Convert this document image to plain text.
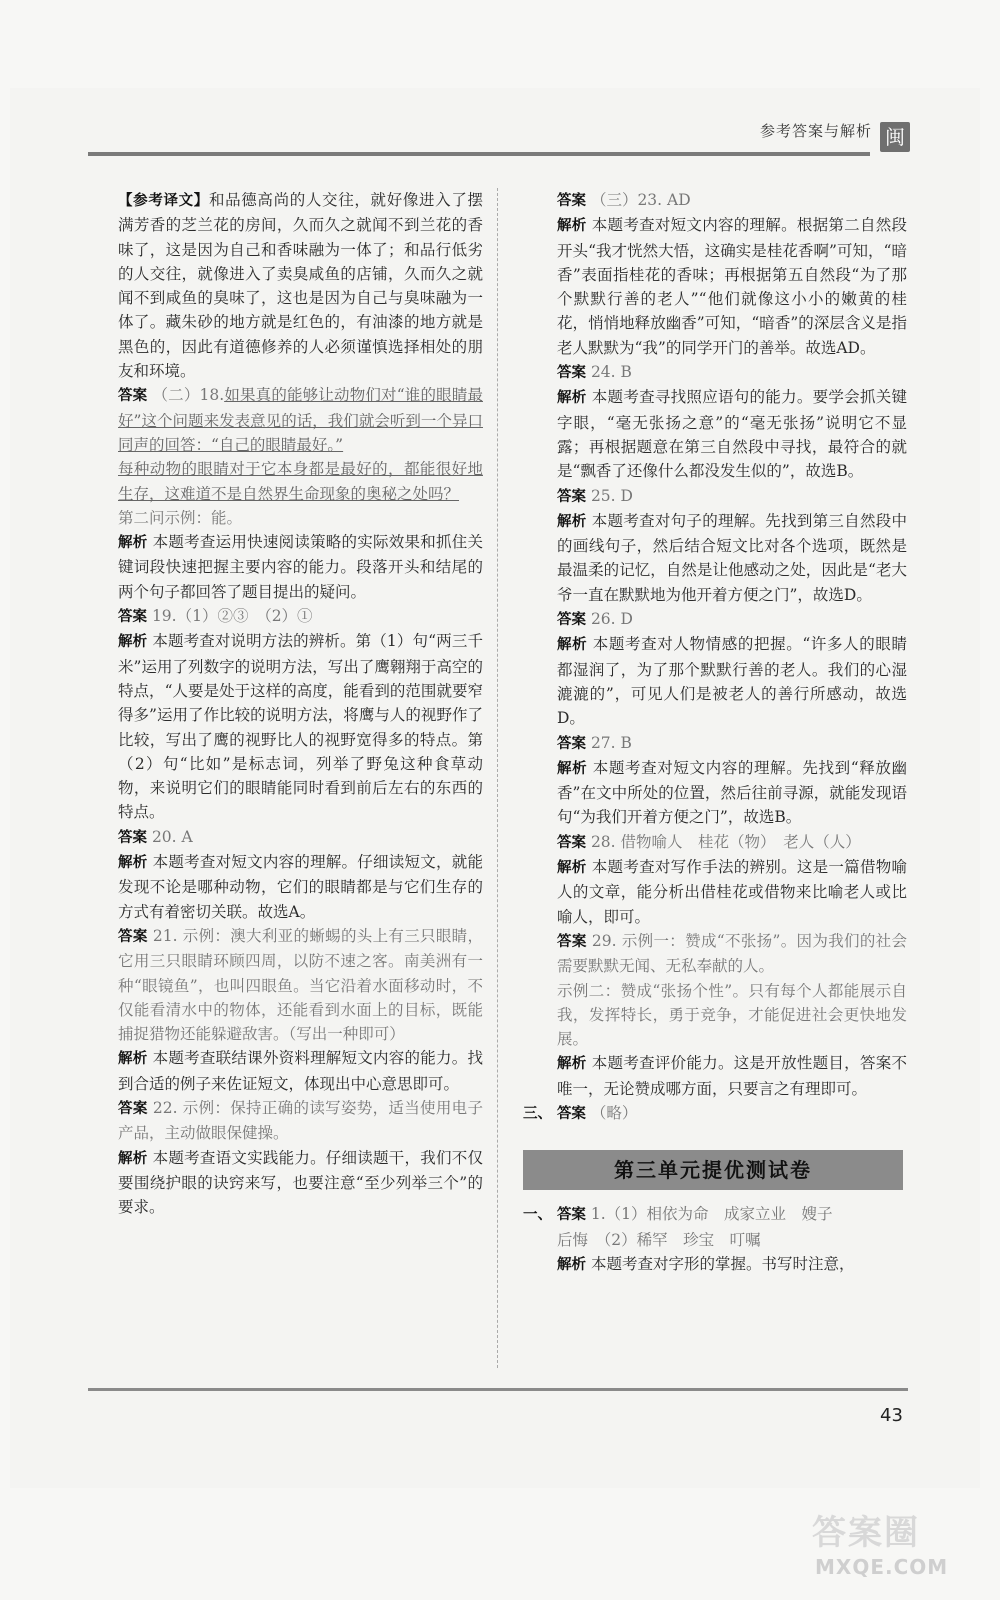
参考答案与解析 闽

【参考译文】和品德高尚的人交往，就好像进入了摆满芳香的芝兰花的房间，久而久之就闻不到兰花的香味了，这是因为自己和香味融为一体了；和品行低劣的人交往，就像进入了卖臭咸鱼的店铺，久而久之就闻不到咸鱼的臭味了，这也是因为自己与臭味融为一体了。藏朱砂的地方就是红色的，有油漆的地方就是黑色的，因此有道德修养的人必须谨慎选择相处的朋友和环境。

答案 （二）18.如果真的能够让动物们对“谁的眼睛最好”这个问题来发表意见的话，我们就会听到一个异口同声的回答：“自己的眼睛最好。”

每种动物的眼睛对于它本身都是最好的，都能很好地生存，这难道不是自然界生命现象的奥秘之处吗？

第二问示例：能。

解析 本题考查运用快速阅读策略的实际效果和抓住关键词段快速把握主要内容的能力。段落开头和结尾的两个句子都回答了题目提出的疑问。

答案 19.（1）②③　（2）①

解析 本题考查对说明方法的辨析。第（1）句“两三千米”运用了列数字的说明方法，写出了鹰翱翔于高空的特点，“人要是处于这样的高度，能看到的范围就要窄得多”运用了作比较的说明方法，将鹰与人的视野作了比较，写出了鹰的视野比人的视野宽得多的特点。第（2）句“比如”是标志词，列举了野兔这种食草动物，来说明它们的眼睛能同时看到前后左右的东西的特点。

答案 20. A

解析 本题考查对短文内容的理解。仔细读短文，就能发现不论是哪种动物，它们的眼睛都是与它们生存的方式有着密切关联。故选A。

答案 21. 示例：澳大利亚的蜥蜴的头上有三只眼睛，它用三只眼睛环顾四周，以防不速之客。南美洲有一种“眼镜鱼”，也叫四眼鱼。当它沿着水面移动时，不仅能看清水中的物体，还能看到水面上的目标，既能捕捉猎物还能躲避敌害。（写出一种即可）

解析 本题考查联结课外资料理解短文内容的能力。找到合适的例子来佐证短文，体现出中心意思即可。

答案 22. 示例：保持正确的读写姿势，适当使用电子产品，主动做眼保健操。

解析 本题考查语文实践能力。仔细读题干，我们不仅要围绕护眼的诀窍来写，也要注意“至少列举三个”的要求。

答案 （三）23. AD

解析 本题考查对短文内容的理解。根据第二自然段开头“我才恍然大悟，这确实是桂花香啊”可知，“暗香”表面指桂花的香味；再根据第五自然段“为了那个默默行善的老人”“他们就像这小小的嫩黄的桂花，悄悄地释放幽香”可知，“暗香”的深层含义是指老人默默为“我”的同学开门的善举。故选AD。

答案 24. B

解析 本题考查寻找照应语句的能力。要学会抓关键字眼，“毫无张扬之意”的“毫无张扬”说明它不显露；再根据题意在第三自然段中寻找，最符合的就是“飘香了还像什么都没发生似的”，故选B。

答案 25. D

解析 本题考查对句子的理解。先找到第三自然段中的画线句子，然后结合短文比对各个选项，既然是最温柔的记忆，自然是让他感动之处，因此是“老大爷一直在默默地为他开着方便之门”，故选D。

答案 26. D

解析 本题考查对人物情感的把握。“许多人的眼睛都湿润了，为了那个默默行善的老人。我们的心湿漉漉的”，可见人们是被老人的善行所感动，故选D。

答案 27. B

解析 本题考查对短文内容的理解。先找到“释放幽香”在文中所处的位置，然后往前寻源，就能发现语句“为我们开着方便之门”，故选B。

答案 28. 借物喻人　桂花（物）　老人（人）

解析 本题考查对写作手法的辨别。这是一篇借物喻人的文章，能分析出借桂花或借物来比喻老人或比喻人，即可。

答案 29. 示例一：赞成“不张扬”。因为我们的社会需要默默无闻、无私奉献的人。

示例二：赞成“张扬个性”。只有每个人都能展示自我，发挥特长，勇于竞争，才能促进社会更快地发展。

解析 本题考查评价能力。这是开放性题目，答案不唯一，无论赞成哪方面，只要言之有理即可。

三、 答案 （略）

第三单元提优测试卷

一、 答案 1.（1）相依为命　成家立业　嫂子

后悔　（2）稀罕　珍宝　叮嘱

解析 本题考查对字形的掌握。书写时注意，

43
答案圈
MXQE.COM
